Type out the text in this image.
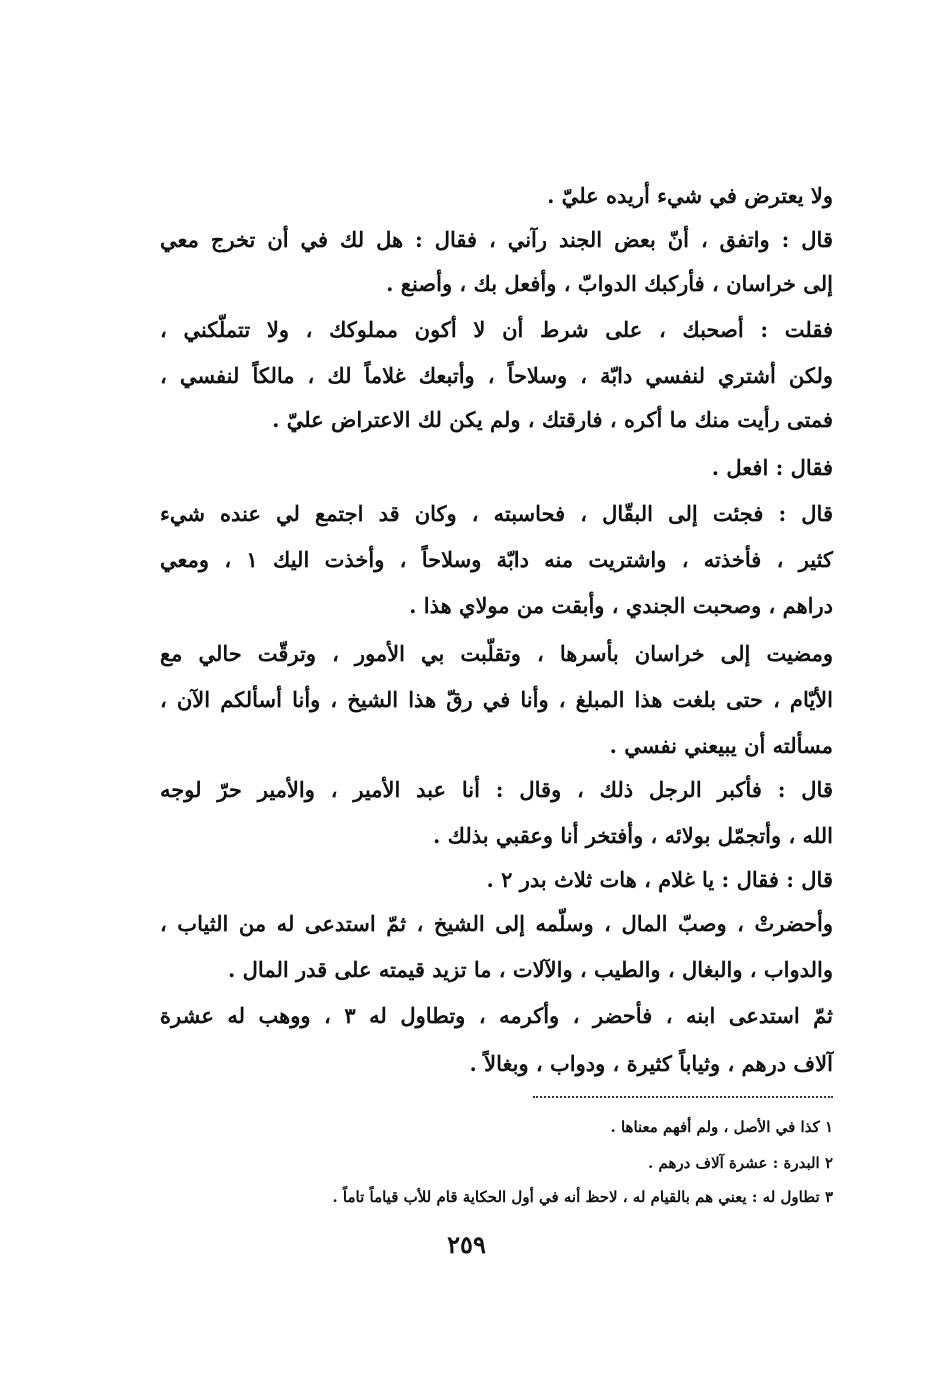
ولا يعترض في شيء أريده عليّ .
قال : واتفق ، أنّ بعض الجند رآني ، فقال : هل لك في أن تخرج معي
إلى خراسان ، فأركبك الدوابّ ، وأفعل بك ، وأصنع .
فقلت : أصحبك ، على شرط أن لا أكون مملوكك ، ولا تتملّكني ،
ولكن أشتري لنفسي دابّة ، وسلاحاً ، وأتبعك غلاماً لك ، مالكاً لنفسي ،
فمتى رأيت منك ما أكره ، فارقتك ، ولم يكن لك الاعتراض عليّ .
فقال : افعل .
قال : فجئت إلى البقّال ، فحاسبته ، وكان قد اجتمع لي عنده شيء
كثير ، فأخذته ، واشتريت منه دابّة وسلاحاً ، وأخذت اليك ١ ، ومعي
دراهم ، وصحبت الجندي ، وأبقت من مولاي هذا .
ومضيت إلى خراسان بأسرها ، وتقلّبت بي الأمور ، وترقّت حالي مع
الأيّام ، حتى بلغت هذا المبلغ ، وأنا في رقّ هذا الشيخ ، وأنا أسألكم الآن ،
مسألته أن يبيعني نفسي .
قال : فأكبر الرجل ذلك ، وقال : أنا عبد الأمير ، والأمير حرّ لوجه
الله ، وأتجمّل بولائه ، وأفتخر أنا وعقبي بذلك .
قال : فقال : يا غلام ، هات ثلاث بدر ٢ .
وأحضرتْ ، وصبّ المال ، وسلّمه إلى الشيخ ، ثمّ استدعى له من الثياب ،
والدواب ، والبغال ، والطيب ، والآلات ، ما تزيد قيمته على قدر المال .
ثمّ استدعى ابنه ، فأحضر ، وأكرمه ، وتطاول له ٣ ، ووهب له عشرة
آلاف درهم ، وثياباً كثيرة ، ودواب ، وبغالاً .
١ كذا في الأصل ، ولم أفهم معناها .
٢ البدرة : عشرة آلاف درهم .
٣ تطاول له : يعني هم بالقيام له ، لاحظ أنه في أول الحكاية قام للأب قياماً تاماً .
٢٥٩
